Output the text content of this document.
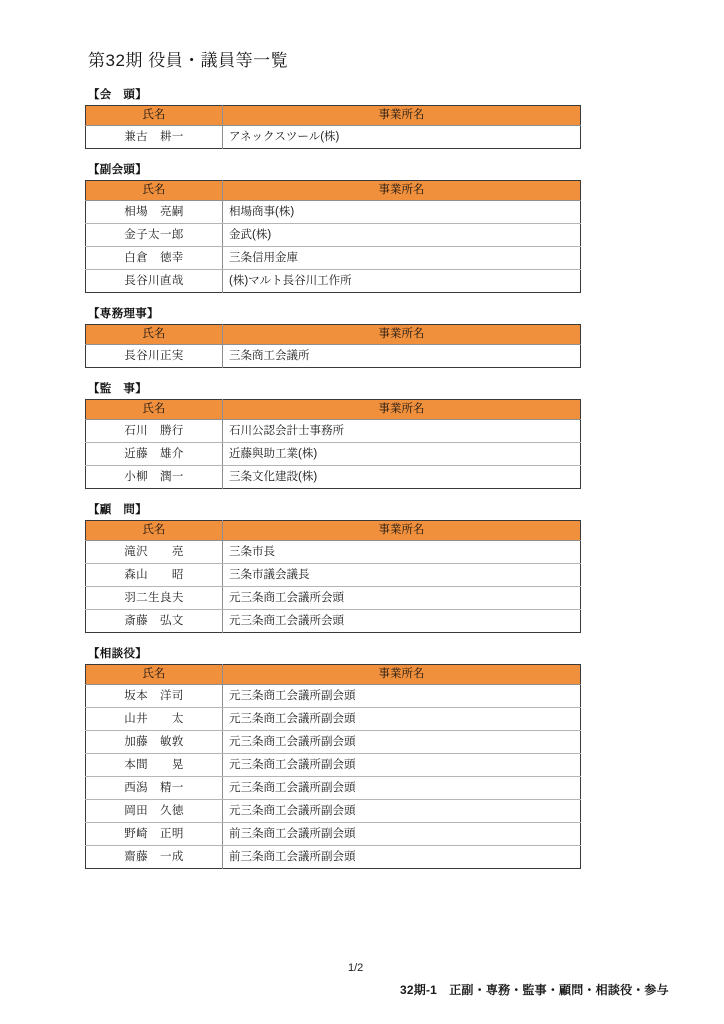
第32期 役員・議員等一覧
【会　頭】
氏名	事業所名
兼古　耕一	アネックスツール(株)
【副会頭】
氏名	事業所名
相場　亮嗣	相場商事(株)
金子太一郎	金武(株)
白倉　徳幸	三条信用金庫
長谷川直哉	(株)マルト長谷川工作所
【専務理事】
氏名	事業所名
長谷川正実	三条商工会議所
【監　事】
氏名	事業所名
石川　勝行	石川公認会計士事務所
近藤　雄介	近藤與助工業(株)
小柳　潤一	三条文化建設(株)
【顧　問】
氏名	事業所名
滝沢　　亮	三条市長
森山　　昭	三条市議会議長
羽二生良夫	元三条商工会議所会頭
斎藤　弘文	元三条商工会議所会頭
【相談役】
氏名	事業所名
坂本　洋司	元三条商工会議所副会頭
山井　　太	元三条商工会議所副会頭
加藤　敏敦	元三条商工会議所副会頭
本間　　晃	元三条商工会議所副会頭
西潟　精一	元三条商工会議所副会頭
岡田　久徳	元三条商工会議所副会頭
野崎　正明	前三条商工会議所副会頭
齋藤　一成	前三条商工会議所副会頭
1/2
32期-1　正副・専務・監事・顧問・相談役・参与
